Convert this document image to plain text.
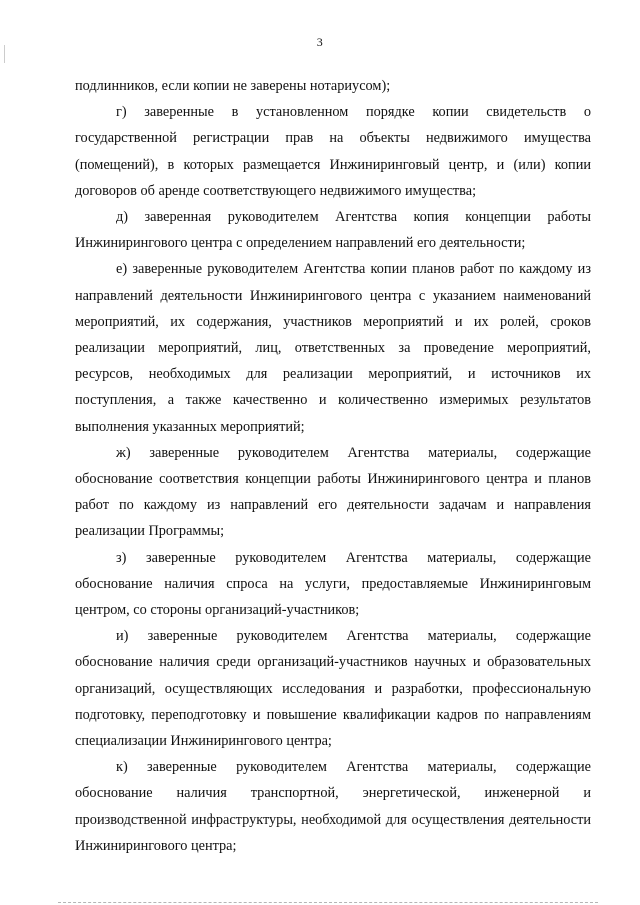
3

подлинников, если копии не заверены нотариусом);

г) заверенные в установленном порядке копии свидетельств о государственной регистрации прав на объекты недвижимого имущества (помещений), в которых размещается Инжиниринговый центр, и (или) копии договоров об аренде соответствующего недвижимого имущества;

д) заверенная руководителем Агентства копия концепции работы Инжинирингового центра с определением направлений его деятельности;

е) заверенные руководителем Агентства копии планов работ по каждому из направлений деятельности Инжинирингового центра с указанием наименований мероприятий, их содержания, участников мероприятий и их ролей, сроков реализации мероприятий, лиц, ответственных за проведение мероприятий, ресурсов, необходимых для реализации мероприятий, и источников их поступления, а также качественно и количественно измеримых результатов выполнения указанных мероприятий;

ж) заверенные руководителем Агентства материалы, содержащие обоснование соответствия концепции работы Инжинирингового центра и планов работ по каждому из направлений его деятельности задачам и направления реализации Программы;

з) заверенные руководителем Агентства материалы, содержащие обоснование наличия спроса на услуги, предоставляемые Инжиниринговым центром, со стороны организаций-участников;

и) заверенные руководителем Агентства материалы, содержащие обоснование наличия среди организаций-участников научных и образовательных организаций, осуществляющих исследования и разработки, профессиональную подготовку, переподготовку и повышение квалификации кадров по направлениям специализации Инжинирингового центра;

к) заверенные руководителем Агентства материалы, содержащие обоснование наличия транспортной, энергетической, инженерной и производственной инфраструктуры, необходимой для осуществления деятельности Инжинирингового центра;
